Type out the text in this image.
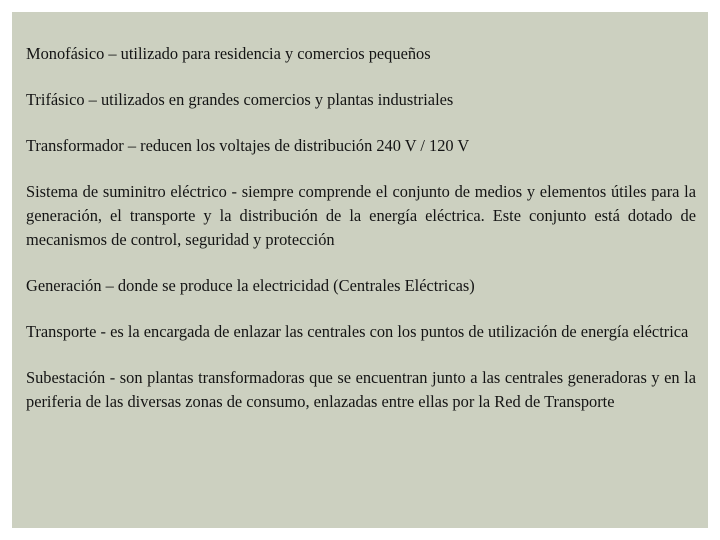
Monofásico – utilizado para residencia y comercios pequeños

Trifásico – utilizados en grandes comercios y plantas industriales

Transformador – reducen los voltajes de distribución 240 V / 120 V

Sistema de suminitro eléctrico - siempre comprende el conjunto de medios y elementos útiles para la generación, el transporte y la distribución de la energía eléctrica. Este conjunto está dotado de mecanismos de control, seguridad y protección

Generación – donde se produce la electricidad (Centrales Eléctricas)

Transporte - es la encargada de enlazar las centrales con los puntos de utilización de energía eléctrica

Subestación - son plantas transformadoras que se encuentran junto a las centrales generadoras y en la periferia de las diversas zonas de consumo, enlazadas entre ellas por la Red de Transporte
